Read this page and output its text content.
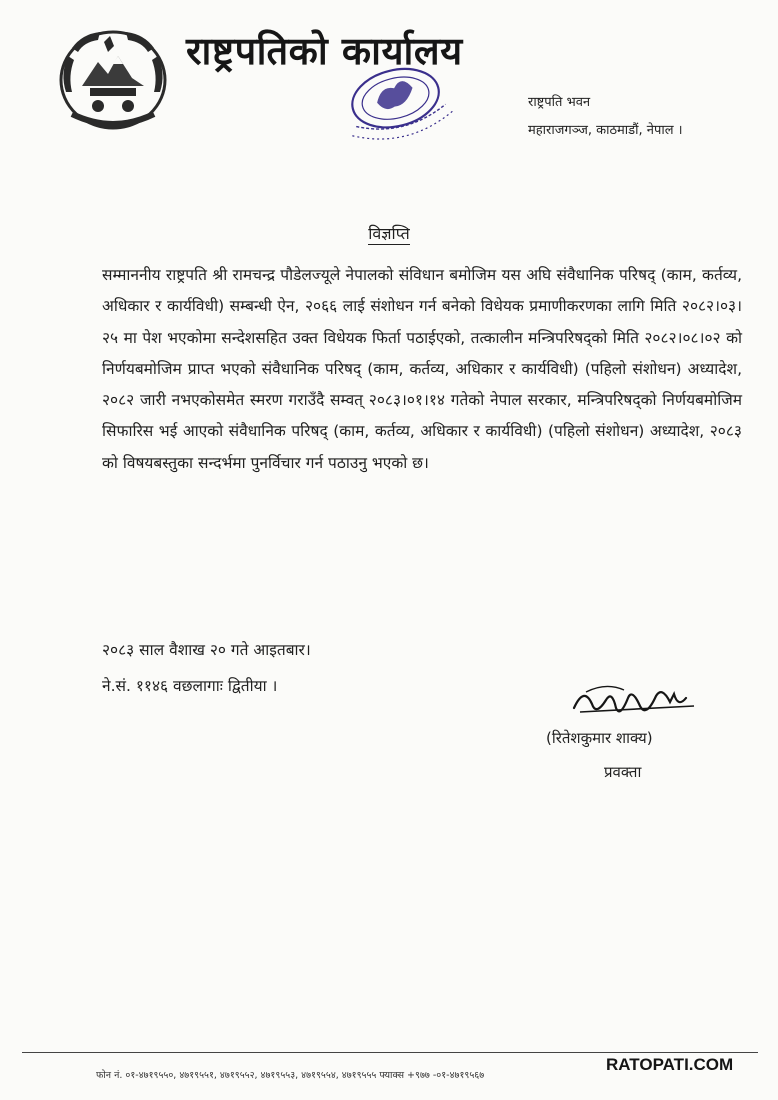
राष्ट्रपतिको कार्यालय
राष्ट्रपति भवन
महाराजगञ्ज, काठमाडौं, नेपाल ।
विज्ञप्ति
सम्माननीय राष्ट्रपति श्री रामचन्द्र पौडेलज्यूले नेपालको संविधान बमोजिम यस अघि संवैधानिक परिषद् (काम, कर्तव्य, अधिकार र कार्यविधी) सम्बन्धी ऐन, २०६६ लाई संशोधन गर्न बनेको विधेयक प्रमाणीकरणका लागि मिति २०८२।०३।२५ मा पेश भएकोमा सन्देशसहित उक्त विधेयक फिर्ता पठाईएको, तत्कालीन मन्त्रिपरिषद्को मिति २०८२।०८।०२ को निर्णयबमोजिम प्राप्त भएको संवैधानिक परिषद् (काम, कर्तव्य, अधिकार र कार्यविधी) (पहिलो संशोधन) अध्यादेश, २०८२ जारी नभएकोसमेत स्मरण गराउँदै सम्वत् २०८३।०१।१४ गतेको नेपाल सरकार, मन्त्रिपरिषद्को निर्णयबमोजिम सिफारिस भई आएको संवैधानिक परिषद् (काम, कर्तव्य, अधिकार र कार्यविधी) (पहिलो संशोधन) अध्यादेश, २०८३ को विषयबस्तुका सन्दर्भमा पुनर्विचार गर्न पठाउनु भएको छ।
२०८३ साल वैशाख २० गते आइतबार।
ने.सं. ११४६ वछलागाः द्वितीया ।
(रितेशकुमार शाक्य)
प्रवक्ता
फोन नं. ०१-४७१९५५०, ४७१९५५१, ४७१९५५२, ४७१९५५३, ४७१९५५४, ४७१९५५५ फ्याक्स +९७७ -०१-४७१९५६७
RATOPATI.COM
